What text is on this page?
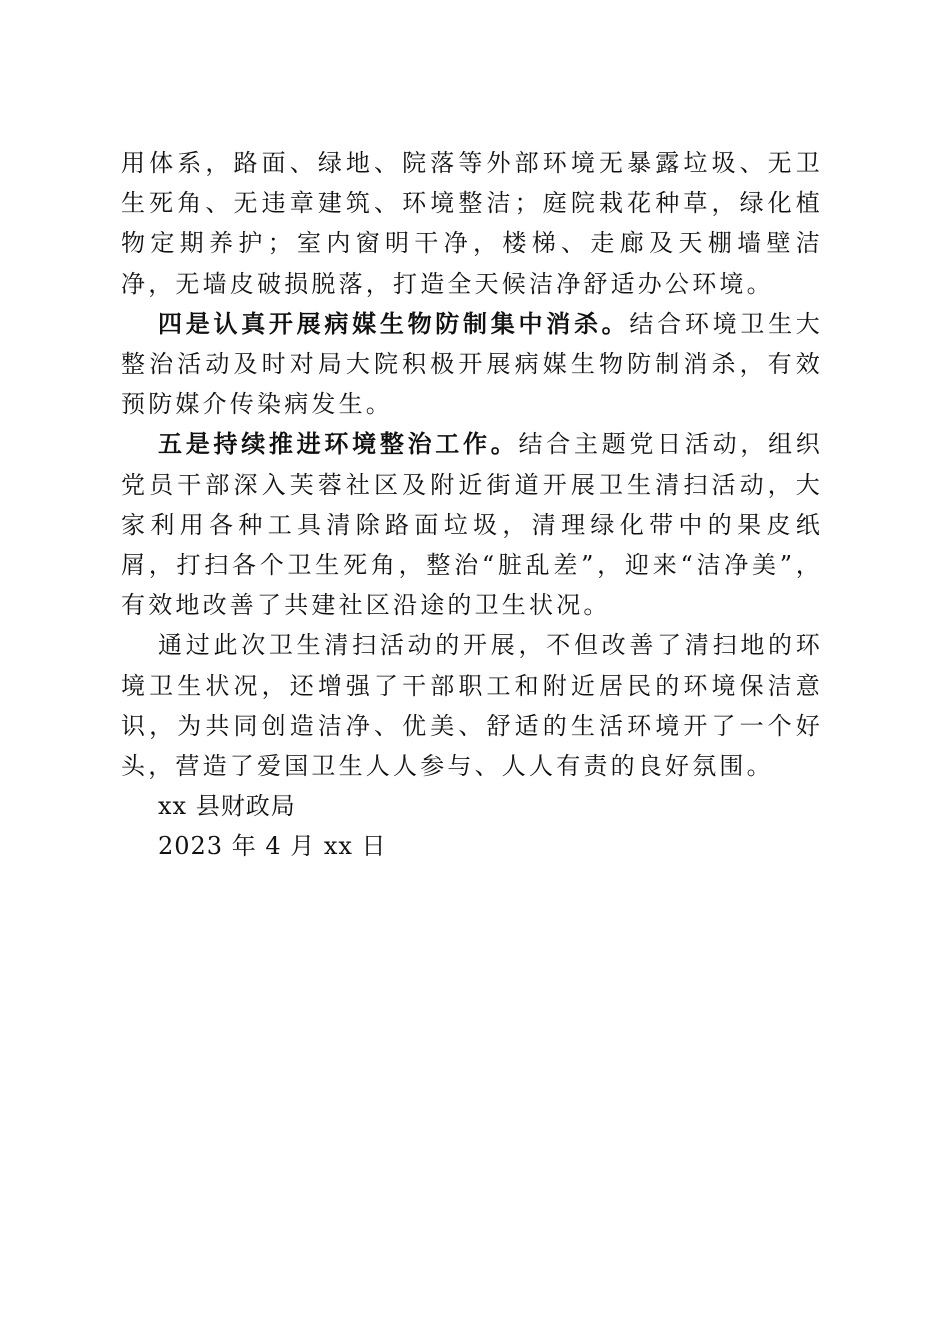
用体系，路面、绿地、院落等外部环境无暴露垃圾、无卫生死角、无违章建筑、环境整洁；庭院栽花种草，绿化植物定期养护；室内窗明干净，楼梯、走廊及天棚墙壁洁净，无墙皮破损脱落，打造全天候洁净舒适办公环境。

四是认真开展病媒生物防制集中消杀。结合环境卫生大整治活动及时对局大院积极开展病媒生物防制消杀，有效预防媒介传染病发生。

五是持续推进环境整治工作。结合主题党日活动，组织党员干部深入芙蓉社区及附近街道开展卫生清扫活动，大家利用各种工具清除路面垃圾，清理绿化带中的果皮纸屑，打扫各个卫生死角，整治“脏乱差”，迎来“洁净美”，有效地改善了共建社区沿途的卫生状况。

通过此次卫生清扫活动的开展，不但改善了清扫地的环境卫生状况，还增强了干部职工和附近居民的环境保洁意识，为共同创造洁净、优美、舒适的生活环境开了一个好头，营造了爱国卫生人人参与、人人有责的良好氛围。

xx 县财政局

2023 年 4 月 xx 日
